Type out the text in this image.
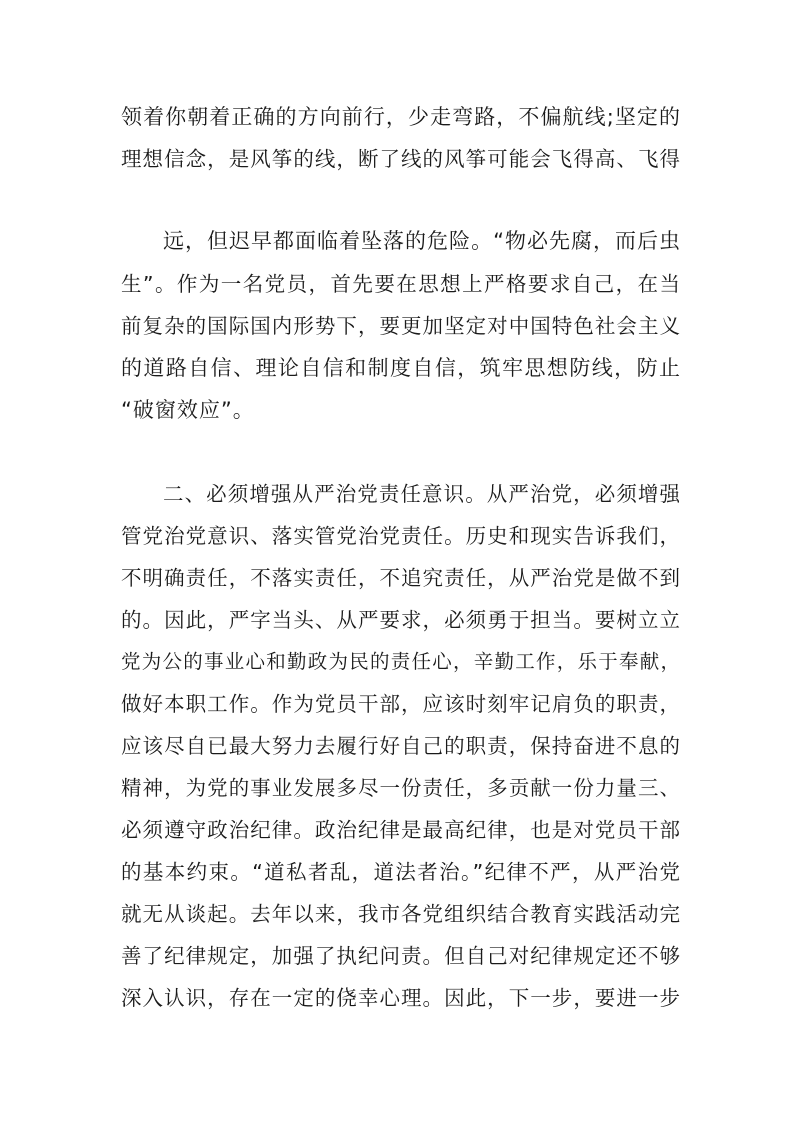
领着你朝着正确的方向前行，少走弯路，不偏航线;坚定的
理想信念，是风筝的线，断了线的风筝可能会飞得高、飞得
远，但迟早都面临着坠落的危险。“物必先腐，而后虫
生”。作为一名党员，首先要在思想上严格要求自己，在当
前复杂的国际国内形势下，要更加坚定对中国特色社会主义
的道路自信、理论自信和制度自信，筑牢思想防线，防止
“破窗效应”。
二、必须增强从严治党责任意识。从严治党，必须增强
管党治党意识、落实管党治党责任。历史和现实告诉我们，
不明确责任，不落实责任，不追究责任，从严治党是做不到
的。因此，严字当头、从严要求，必须勇于担当。要树立立
党为公的事业心和勤政为民的责任心，辛勤工作，乐于奉献，
做好本职工作。作为党员干部，应该时刻牢记肩负的职责，
应该尽自已最大努力去履行好自己的职责，保持奋进不息的
精神，为党的事业发展多尽一份责任，多贡献一份力量三、
必须遵守政治纪律。政治纪律是最高纪律，也是对党员干部
的基本约束。“道私者乱，道法者治。”纪律不严，从严治党
就无从谈起。去年以来，我市各党组织结合教育实践活动完
善了纪律规定，加强了执纪问责。但自己对纪律规定还不够
深入认识，存在一定的侥幸心理。因此，下一步，要进一步
